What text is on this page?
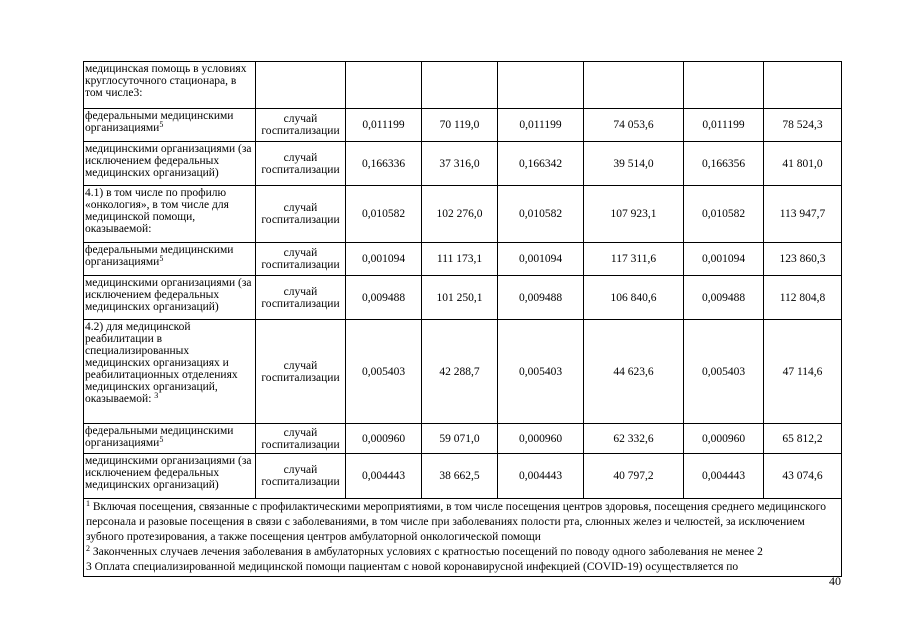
медицинская помощь в условиях круглосуточного стационара, в том числе3:							
федеральными медицинскими организациями$^5$	случай госпитализации	0,011199	70 119,0	0,011199	74 053,6	0,011199	78 524,3
медицинскими организациями (за исключением федеральных медицинских организаций)	случай госпитализации	0,166336	37 316,0	0,166342	39 514,0	0,166356	41 801,0
4.1) в том числе по профилю «онкология», в том числе для медицинской помощи, оказываемой:	случай госпитализации	0,010582	102 276,0	0,010582	107 923,1	0,010582	113 947,7
федеральными медицинскими организациями$^5$	случай госпитализации	0,001094	111 173,1	0,001094	117 311,6	0,001094	123 860,3
медицинскими организациями (за исключением федеральных медицинских организаций)	случай госпитализации	0,009488	101 250,1	0,009488	106 840,6	0,009488	112 804,8
4.2) для медицинской реабилитации в специализированных медицинских организациях и реабилитационных отделениях медицинских организаций, оказываемой: $^3$	случай госпитализации	0,005403	42 288,7	0,005403	44 623,6	0,005403	47 114,6
федеральными медицинскими организациями$^5$	случай госпитализации	0,000960	59 071,0	0,000960	62 332,6	0,000960	65 812,2
медицинскими организациями (за исключением федеральных медицинских организаций)	случай госпитализации	0,004443	38 662,5	0,004443	40 797,2	0,004443	43 074,6

$^1$ Включая посещения, связанные с профилактическими мероприятиями, в том числе посещения центров здоровья, посещения среднего медицинского персонала и разовые посещения в связи с заболеваниями, в том числе при заболеваниях полости рта, слюнных желез и челюстей, за исключением зубного протезирования, а также посещения центров амбулаторной онкологической помощи

$^2$ Законченных случаев лечения заболевания в амбулаторных условиях с кратностью посещений по поводу одного заболевания не менее 2

3 Оплата специализированной медицинской помощи пациентам с новой коронавирусной инфекцией (COVID-19) осуществляется по							

40
